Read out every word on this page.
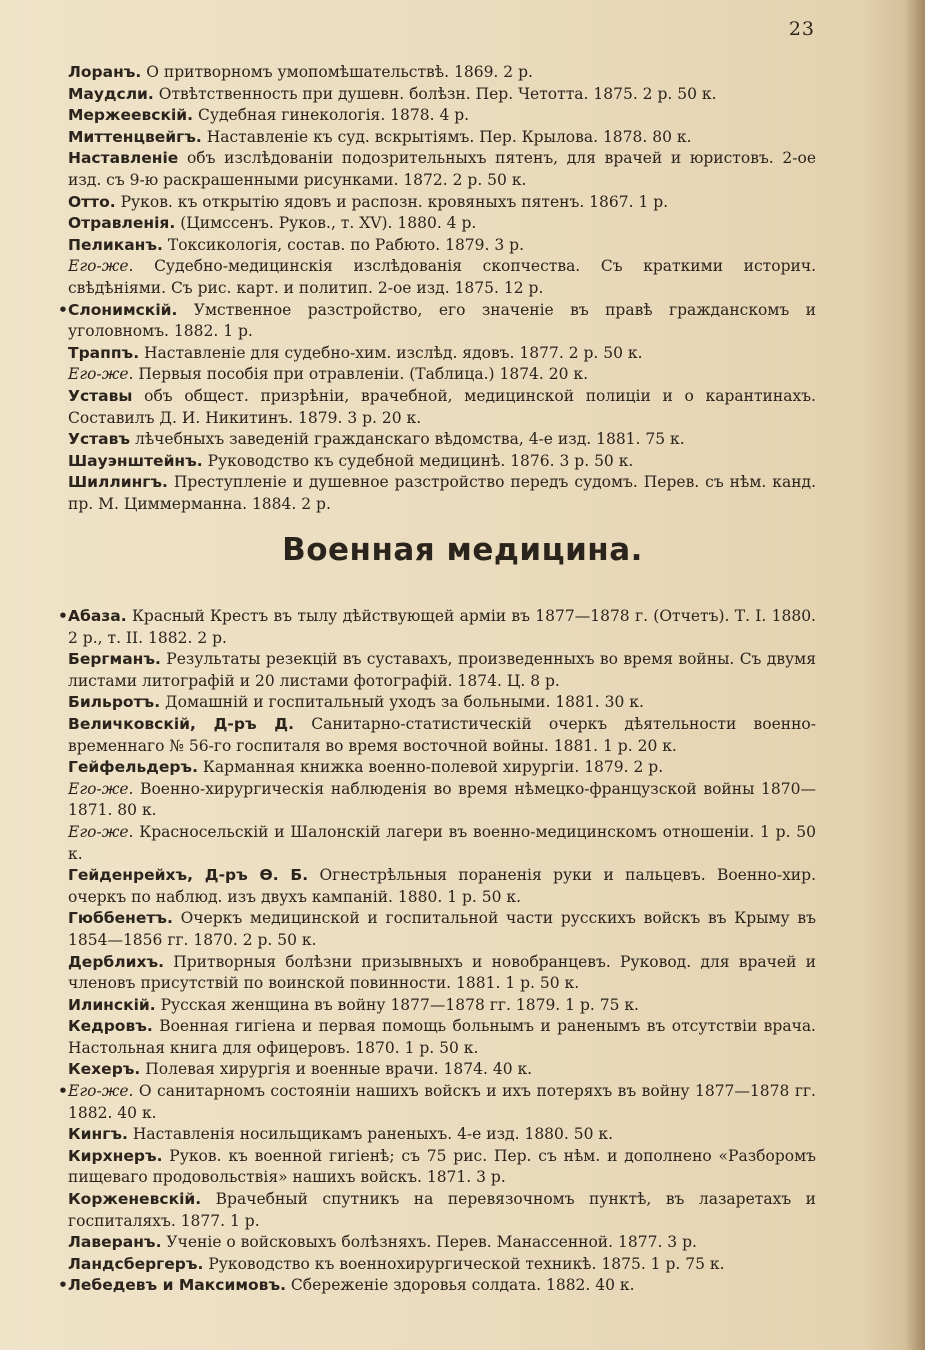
23

Лоранъ. О притворномъ умопомѣшательствѣ. 1869. 2 р.

Маудсли. Отвѣтственность при душевн. болѣзн. Пер. Четотта. 1875. 2 р. 50 к.

Мержеевскій. Судебная гинекологія. 1878. 4 р.

Миттенцвейгъ. Наставленіе къ суд. вскрытіямъ. Пер. Крылова. 1878. 80 к.

Наставленіе объ изслѣдованіи подозрительныхъ пятенъ, для врачей и юристовъ. 2-ое изд. съ 9-ю раскрашенными рисунками. 1872. 2 р. 50 к.

Отто. Руков. къ открытію ядовъ и распозн. кровяныхъ пятенъ. 1867. 1 р.

Отравленія. (Цимссенъ. Руков., т. XV). 1880. 4 р.

Пеликанъ. Токсикологія, состав. по Рабюто. 1879. 3 р.

Его-же. Судебно-медицинскія изслѣдованія скопчества. Съ краткими историч. свѣдѣніями. Съ рис. карт. и политип. 2-ое изд. 1875. 12 р.

• Слонимскій. Умственное разстройство, его значеніе въ правѣ гражданскомъ и уголовномъ. 1882. 1 р.

Траппъ. Наставленіе для судебно-хим. изслѣд. ядовъ. 1877. 2 р. 50 к.

Его-же. Первыя пособія при отравленіи. (Таблица.) 1874. 20 к.

Уставы объ общест. призрѣніи, врачебной, медицинской полиціи и о карантинахъ. Составилъ Д. И. Никитинъ. 1879. 3 р. 20 к.

Уставъ лѣчебныхъ заведеній гражданскаго вѣдомства, 4-е изд. 1881. 75 к.

Шауэнштейнъ. Руководство къ судебной медицинѣ. 1876. 3 р. 50 к.

Шиллингъ. Преступленіе и душевное разстройство передъ судомъ. Перев. съ нѣм. канд. пр. М. Циммерманна. 1884. 2 р.

Военная медицина.

• Абаза. Красный Крестъ въ тылу дѣйствующей арміи въ 1877—1878 г. (Отчетъ). Т. I. 1880. 2 р., т. II. 1882. 2 р.

Бергманъ. Результаты резекцій въ суставахъ, произведенныхъ во время войны. Съ двумя листами литографій и 20 листами фотографій. 1874. Ц. 8 р.

Бильротъ. Домашній и госпитальный уходъ за больными. 1881. 30 к.

Величковскій, Д-ръ Д. Санитарно-статистическій очеркъ дѣятельности военно-временнаго № 56-го госпиталя во время восточной войны. 1881. 1 р. 20 к.

Гейфельдеръ. Карманная книжка военно-полевой хирургіи. 1879. 2 р.

Его-же. Военно-хирургическія наблюденія во время нѣмецко-французской войны 1870—1871. 80 к.

Его-же. Красносельскій и Шалонскій лагери въ военно-медицинскомъ отношеніи. 1 р. 50 к.

Гейденрейхъ, Д-ръ Ѳ. Б. Огнестрѣльныя пораненія руки и пальцевъ. Военно-хир. очеркъ по наблюд. изъ двухъ кампаній. 1880. 1 р. 50 к.

Гюббенетъ. Очеркъ медицинской и госпитальной части русскихъ войскъ въ Крыму въ 1854—1856 гг. 1870. 2 р. 50 к.

Дерблихъ. Притворныя болѣзни призывныхъ и новобранцевъ. Руковод. для врачей и членовъ присутствій по воинской повинности. 1881. 1 р. 50 к.

Илинскій. Русская женщина въ войну 1877—1878 гг. 1879. 1 р. 75 к.

Кедровъ. Военная гигіена и первая помощь больнымъ и раненымъ въ отсутствіи врача. Настольная книга для офицеровъ. 1870. 1 р. 50 к.

Кехеръ. Полевая хирургія и военные врачи. 1874. 40 к.

• Его-же. О санитарномъ состояніи нашихъ войскъ и ихъ потеряхъ въ войну 1877—1878 гг. 1882. 40 к.

Кингъ. Наставленія носильщикамъ раненыхъ. 4-е изд. 1880. 50 к.

Кирхнеръ. Руков. къ военной гигіенѣ; съ 75 рис. Пер. съ нѣм. и дополнено «Разборомъ пищеваго продовольствія» нашихъ войскъ. 1871. 3 р.

Корженевскій. Врачебный спутникъ на перевязочномъ пунктѣ, въ лазаретахъ и госпиталяхъ. 1877. 1 р.

Лаверанъ. Ученіе о войсковыхъ болѣзняхъ. Перев. Манассенной. 1877. 3 р.

Ландсбергеръ. Руководство къ военнохирургической техникѣ. 1875. 1 р. 75 к.

• Лебедевъ и Максимовъ. Сбереженіе здоровья солдата. 1882. 40 к.
